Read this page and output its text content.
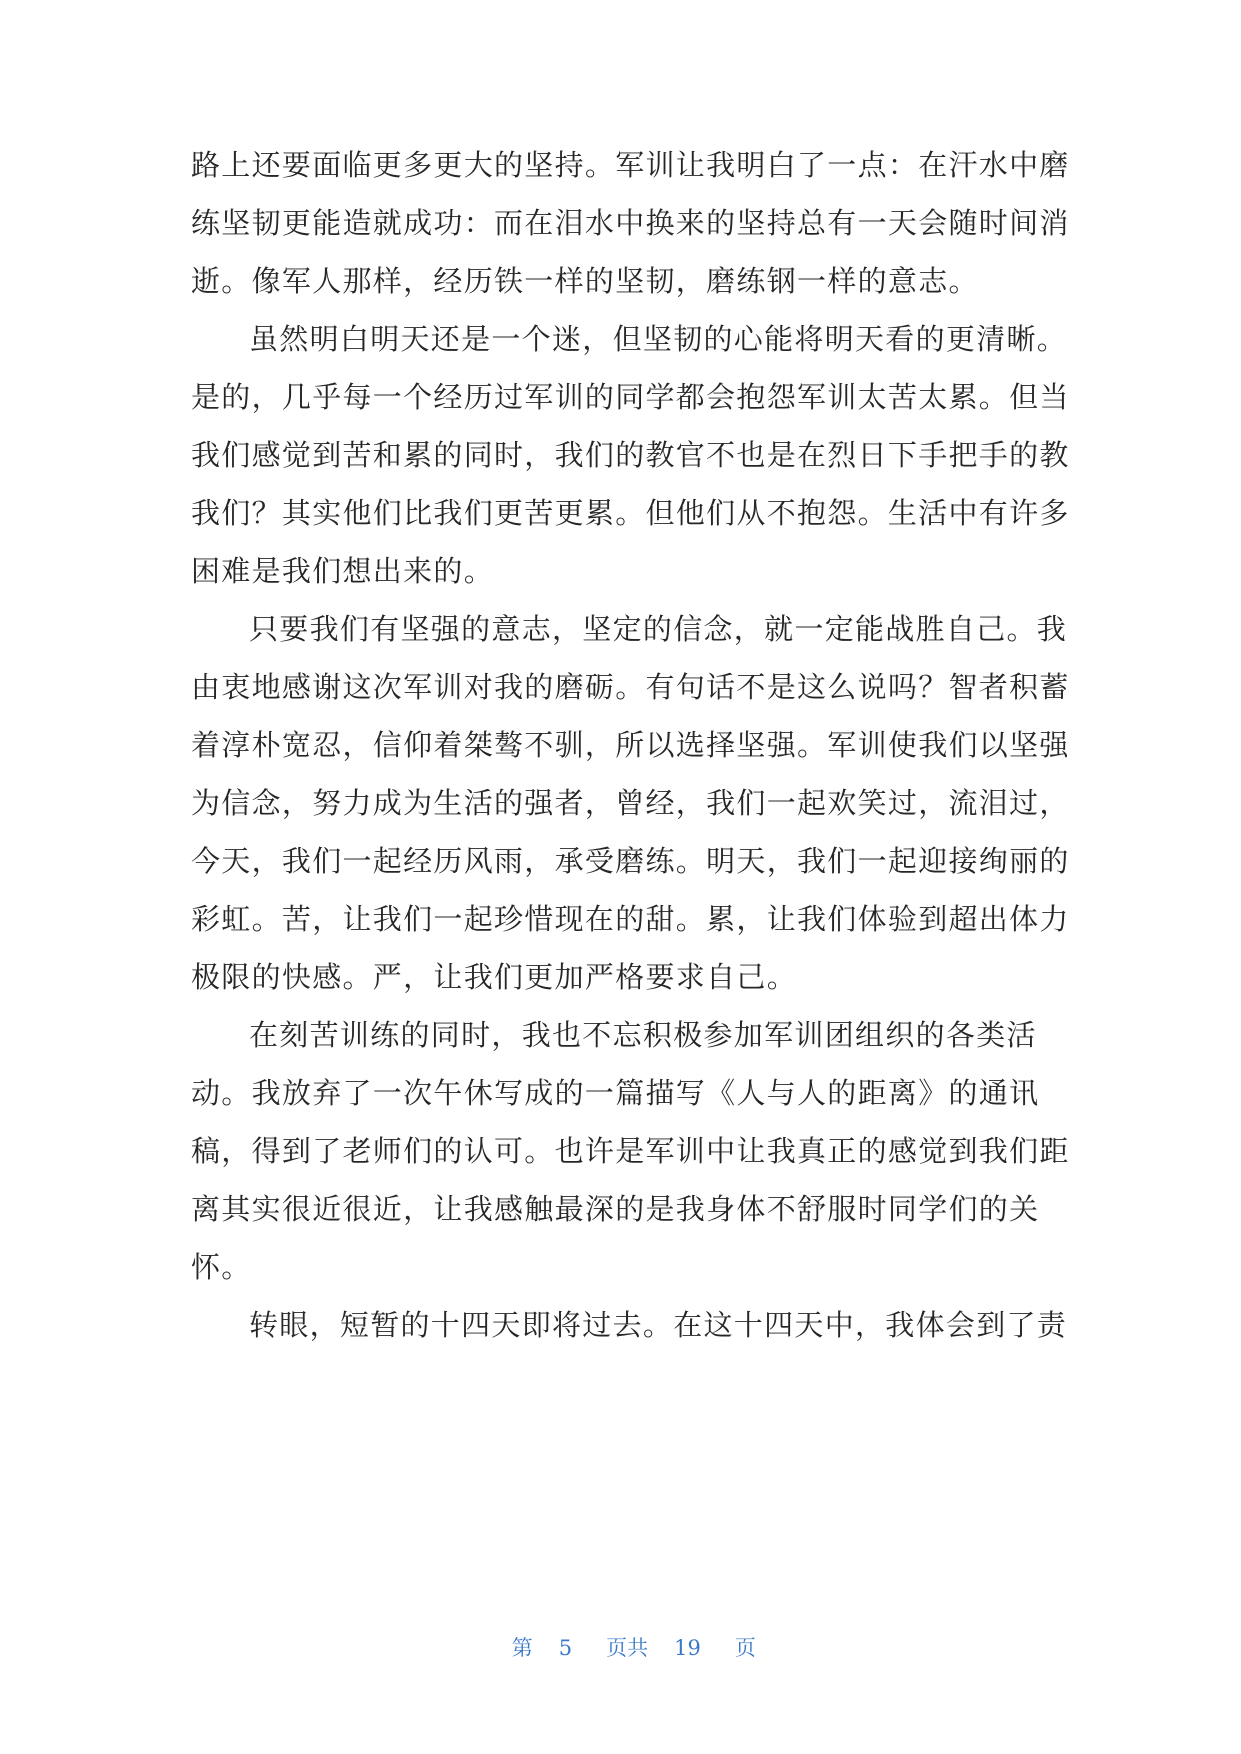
路上还要面临更多更大的坚持。军训让我明白了一点：在汗水中磨
练坚韧更能造就成功：而在泪水中换来的坚持总有一天会随时间消
逝。像军人那样，经历铁一样的坚韧，磨练钢一样的意志。
虽然明白明天还是一个迷，但坚韧的心能将明天看的更清晰。
是的，几乎每一个经历过军训的同学都会抱怨军训太苦太累。但当
我们感觉到苦和累的同时，我们的教官不也是在烈日下手把手的教
我们？其实他们比我们更苦更累。但他们从不抱怨。生活中有许多
困难是我们想出来的。
只要我们有坚强的意志，坚定的信念，就一定能战胜自己。我
由衷地感谢这次军训对我的磨砺。有句话不是这么说吗？智者积蓄
着淳朴宽忍，信仰着桀骜不驯，所以选择坚强。军训使我们以坚强
为信念，努力成为生活的强者，曾经，我们一起欢笑过，流泪过，
今天，我们一起经历风雨，承受磨练。明天，我们一起迎接绚丽的
彩虹。苦，让我们一起珍惜现在的甜。累，让我们体验到超出体力
极限的快感。严，让我们更加严格要求自己。
在刻苦训练的同时，我也不忘积极参加军训团组织的各类活
动。我放弃了一次午休写成的一篇描写《人与人的距离》的通讯
稿，得到了老师们的认可。也许是军训中让我真正的感觉到我们距
离其实很近很近，让我感触最深的是我身体不舒服时同学们的关
怀。
转眼，短暂的十四天即将过去。在这十四天中，我体会到了责

第 5 页共 19 页
